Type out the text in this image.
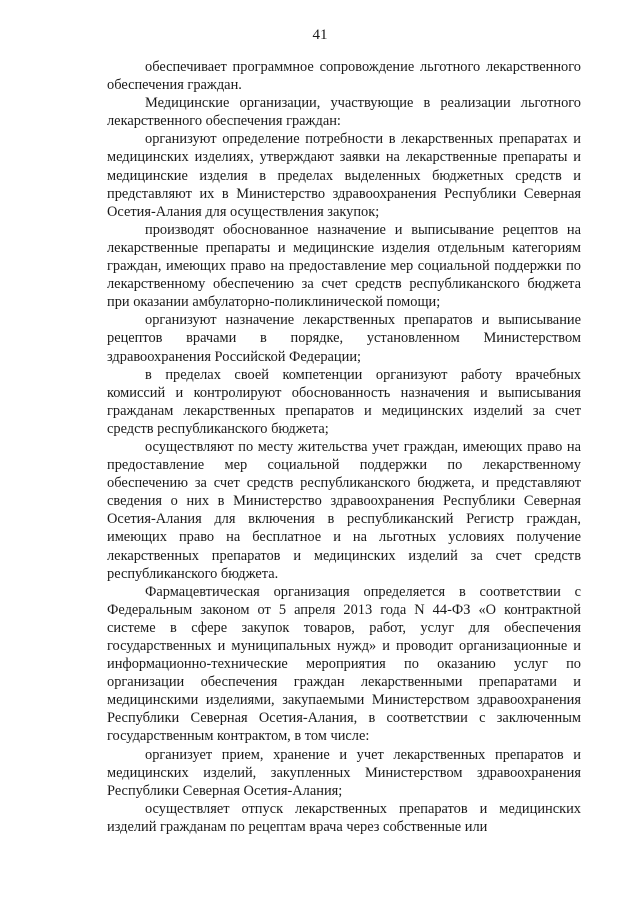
41

обеспечивает программное сопровождение льготного лекарственного обеспечения граждан.

Медицинские организации, участвующие в реализации льготного лекарственного обеспечения граждан:

организуют определение потребности в лекарственных препаратах и медицинских изделиях, утверждают заявки на лекарственные препараты и медицинские изделия в пределах выделенных бюджетных средств и представляют их в Министерство здравоохранения Республики Северная Осетия-Алания для осуществления закупок;

производят обоснованное назначение и выписывание рецептов на лекарственные препараты и медицинские изделия отдельным категориям граждан, имеющих право на предоставление мер социальной поддержки по лекарственному обеспечению за счет средств республиканского бюджета при оказании амбулаторно-поликлинической помощи;

организуют назначение лекарственных препаратов и выписывание рецептов врачами в порядке, установленном Министерством здравоохранения Российской Федерации;

в пределах своей компетенции организуют работу врачебных комиссий и контролируют обоснованность назначения и выписывания гражданам лекарственных препаратов и медицинских изделий за счет средств республиканского бюджета;

осуществляют по месту жительства учет граждан, имеющих право на предоставление мер социальной поддержки по лекарственному обеспечению за счет средств республиканского бюджета, и представляют сведения о них в Министерство здравоохранения Республики Северная Осетия-Алания для включения в республиканский Регистр граждан, имеющих право на бесплатное и на льготных условиях получение лекарственных препаратов и медицинских изделий за счет средств республиканского бюджета.

Фармацевтическая организация определяется в соответствии с Федеральным законом от 5 апреля 2013 года N 44-ФЗ «О контрактной системе в сфере закупок товаров, работ, услуг для обеспечения государственных и муниципальных нужд» и проводит организационные и информационно-технические мероприятия по оказанию услуг по организации обеспечения граждан лекарственными препаратами и медицинскими изделиями, закупаемыми Министерством здравоохранения Республики Северная Осетия-Алания, в соответствии с заключенным государственным контрактом, в том числе:

организует прием, хранение и учет лекарственных препаратов и медицинских изделий, закупленных Министерством здравоохранения Республики Северная Осетия-Алания;

осуществляет отпуск лекарственных препаратов и медицинских изделий гражданам по рецептам врача через собственные или
